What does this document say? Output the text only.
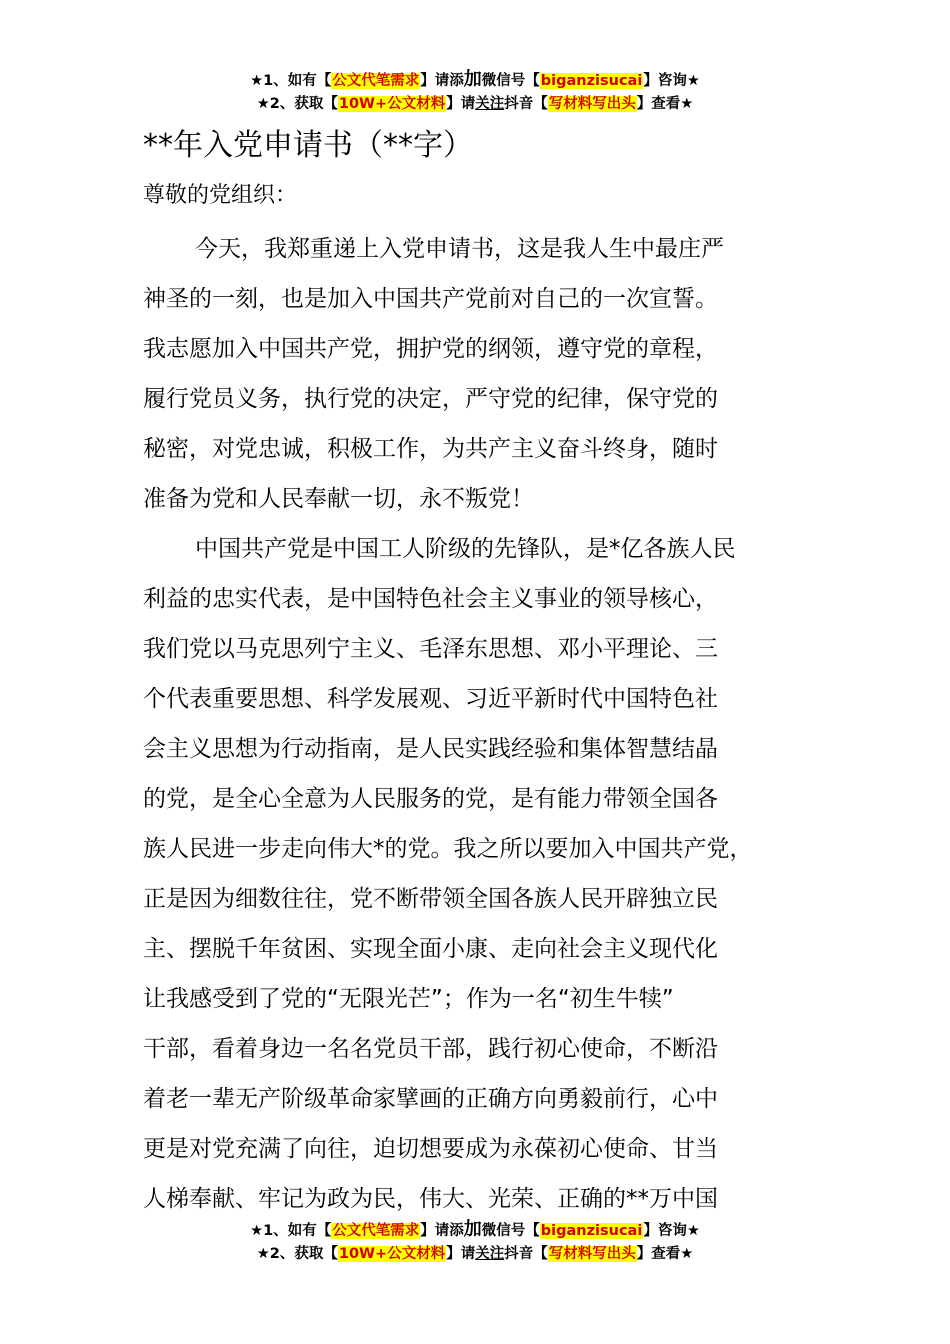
★1、如有【公文代笔需求】请添加微信号【biganzisucai】咨询★
★2、获取【10W+公文材料】请关注抖音【写材料写出头】查看★
**年入党申请书（**字）
尊敬的党组织：
今天，我郑重递上入党申请书，这是我人生中最庄严
神圣的一刻，也是加入中国共产党前对自己的一次宣誓。
我志愿加入中国共产党，拥护党的纲领，遵守党的章程，
履行党员义务，执行党的决定，严守党的纪律，保守党的
秘密，对党忠诚，积极工作，为共产主义奋斗终身，随时
准备为党和人民奉献一切，永不叛党！
中国共产党是中国工人阶级的先锋队，是*亿各族人民
利益的忠实代表，是中国特色社会主义事业的领导核心，
我们党以马克思列宁主义、毛泽东思想、邓小平理论、三
个代表重要思想、科学发展观、习近平新时代中国特色社
会主义思想为行动指南，是人民实践经验和集体智慧结晶
的党，是全心全意为人民服务的党，是有能力带领全国各
族人民进一步走向伟大*的党。我之所以要加入中国共产党，
正是因为细数往往，党不断带领全国各族人民开辟独立民
主、摆脱千年贫困、实现全面小康、走向社会主义现代化
让我感受到了党的“无限光芒”；作为一名“初生牛犊”
干部，看着身边一名名党员干部，践行初心使命，不断沿
着老一辈无产阶级革命家擘画的正确方向勇毅前行，心中
更是对党充满了向往，迫切想要成为永葆初心使命、甘当
人梯奉献、牢记为政为民，伟大、光荣、正确的**万中国
★1、如有【公文代笔需求】请添加微信号【biganzisucai】咨询★
★2、获取【10W+公文材料】请关注抖音【写材料写出头】查看★
